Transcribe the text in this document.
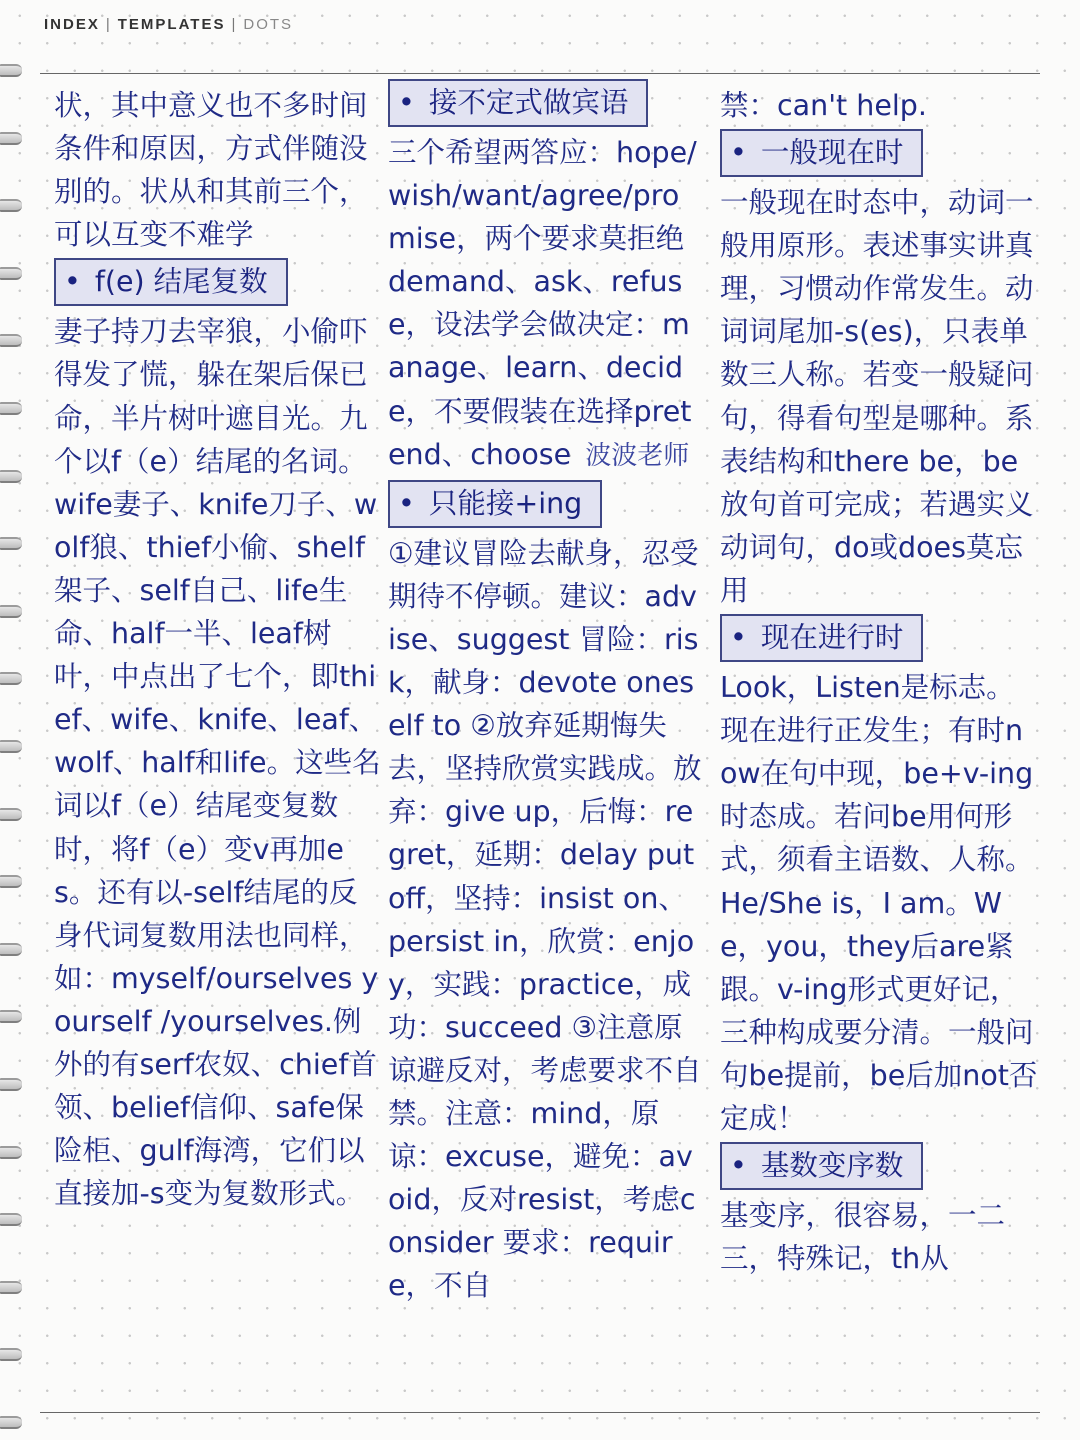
INDEX | TEMPLATES | DOTS

状，其中意义也不多时间条件和原因，方式伴随没别的。状从和其前三个，可以互变不难学

• f(e) 结尾复数

妻子持刀去宰狼，小偷吓得发了慌，躲在架后保已命，半片树叶遮目光。九个以f（e）结尾的名词。wife妻子、knife刀子、wolf狼、thief小偷、shelf架子、self自己、life生命、half一半、leaf树叶，中点出了七个，即thief、wife、knife、leaf、wolf、half和life。这些名词以f（e）结尾变复数时，将f（e）变v再加es。还有以-self结尾的反身代词复数用法也同样，如：myself/ourselves yourself /yourselves.例外的有serf农奴、chief首领、belief信仰、safe保险柜、gulf海湾，它们以直接加-s变为复数形式。

• 接不定式做宾语

三个希望两答应：hope/wish/want/agree/promise，两个要求莫拒绝demand、ask、refuse，设法学会做决定：manage、learn、decide，不要假装在选择pretend、choose 波波老师

• 只能接+ing

①建议冒险去献身，忍受期待不停顿。建议：advise、suggest 冒险：risk，献身：devote oneself to ②放弃延期悔失去，坚持欣赏实践成。放弃：give up，后悔：regret，延期：delay put off，坚持：insist on、persist in，欣赏：enjoy，实践：practice，成功：succeed ③注意原谅避反对，考虑要求不自禁。注意：mind，原谅：excuse，避免：avoid，反对resist，考虑consider 要求：require，不自

禁：can't help.

• 一般现在时

一般现在时态中，动词一般用原形。表述事实讲真理，习惯动作常发生。动词词尾加-s(es)，只表单数三人称。若变一般疑问句，得看句型是哪种。系表结构和there be，be放句首可完成；若遇实义动词句，do或does莫忘用

• 现在进行时

Look，Listen是标志。现在进行正发生；有时now在句中现，be+v-ing时态成。若问be用何形式，须看主语数、人称。He/She is，I am。We，you，they后are紧跟。v-ing形式更好记，三种构成要分清。一般问句be提前，be后加not否定成！

• 基数变序数

基变序，很容易，一二三，特殊记，th从
